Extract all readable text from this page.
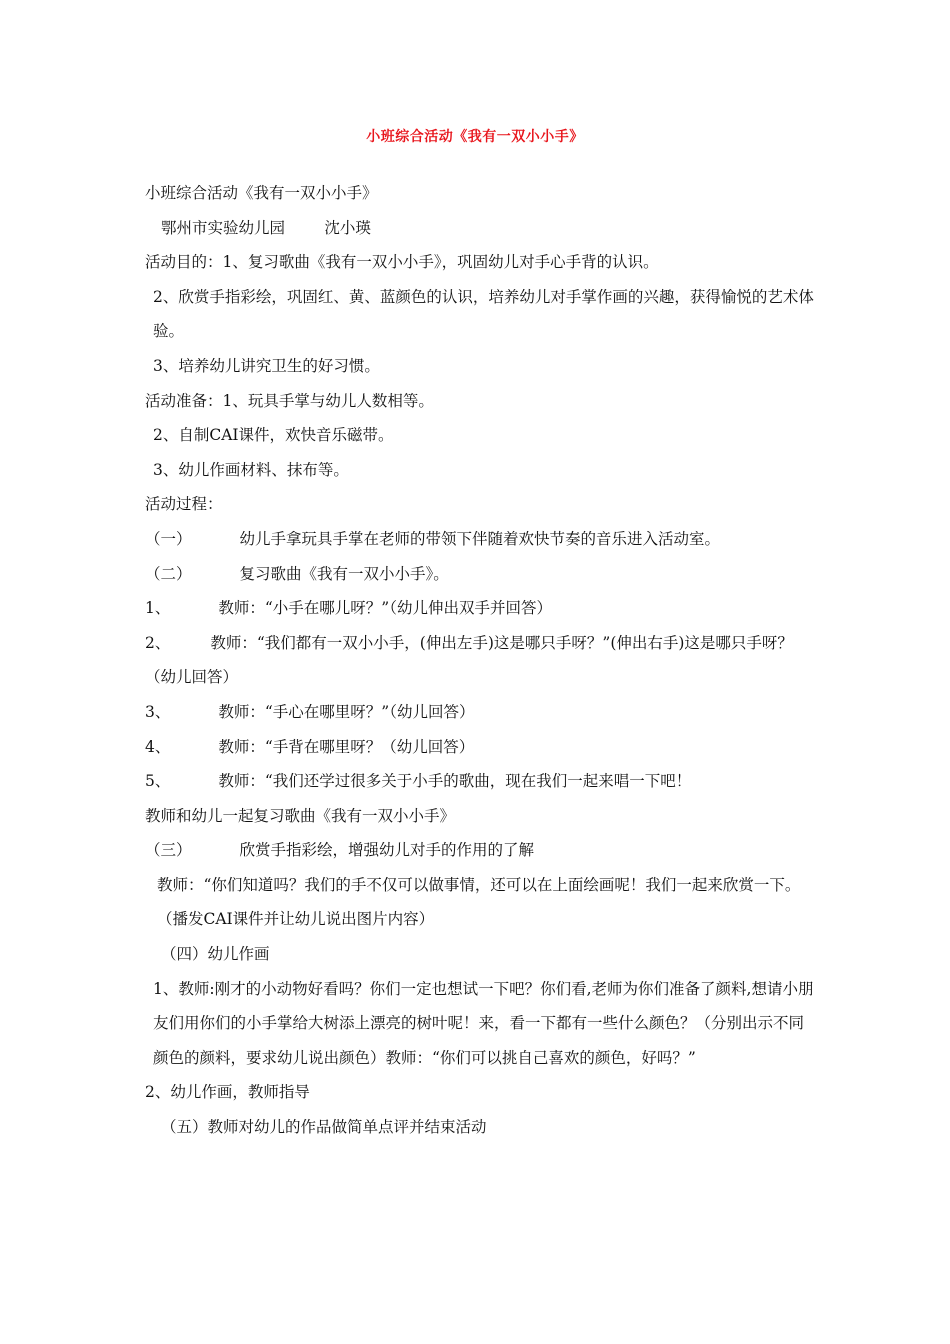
小班综合活动《我有一双小小手》

小班综合活动《我有一双小小手》

鄂州市实验幼儿园        沈小瑛

活动目的：1、复习歌曲《我有一双小小手》，巩固幼儿对手心手背的认识。

2、欣赏手指彩绘，巩固红、黄、蓝颜色的认识，培养幼儿对手掌作画的兴趣，获得愉悦的艺术体验。

3、培养幼儿讲究卫生的好习惯。

活动准备：1、玩具手掌与幼儿人数相等。

2、自制CAI课件，欢快音乐磁带。

3、幼儿作画材料、抹布等。

活动过程：

（一）	幼儿手拿玩具手掌在老师的带领下伴随着欢快节奏的音乐进入活动室。

（二）	复习歌曲《我有一双小小手》。

1、	教师：“小手在哪儿呀？”（幼儿伸出双手并回答）

2、	教师：“我们都有一双小小手，(伸出左手)这是哪只手呀？”(伸出右手)这是哪只手呀？（幼儿回答）

3、	教师：“手心在哪里呀？”（幼儿回答）

4、	教师：“手背在哪里呀？（幼儿回答）

5、	教师：“我们还学过很多关于小手的歌曲，现在我们一起来唱一下吧！

教师和幼儿一起复习歌曲《我有一双小小手》

（三）	欣赏手指彩绘，增强幼儿对手的作用的了解

教师：“你们知道吗？我们的手不仅可以做事情，还可以在上面绘画呢！我们一起来欣赏一下。（播发CAI课件并让幼儿说出图片内容）

（四）幼儿作画

1、教师:刚才的小动物好看吗？你们一定也想试一下吧？你们看,老师为你们准备了颜料,想请小朋友们用你们的小手掌给大树添上漂亮的树叶呢！来，看一下都有一些什么颜色？（分别出示不同颜色的颜料，要求幼儿说出颜色）教师：“你们可以挑自己喜欢的颜色，好吗？”

2、幼儿作画，教师指导

（五）教师对幼儿的作品做简单点评并结束活动
